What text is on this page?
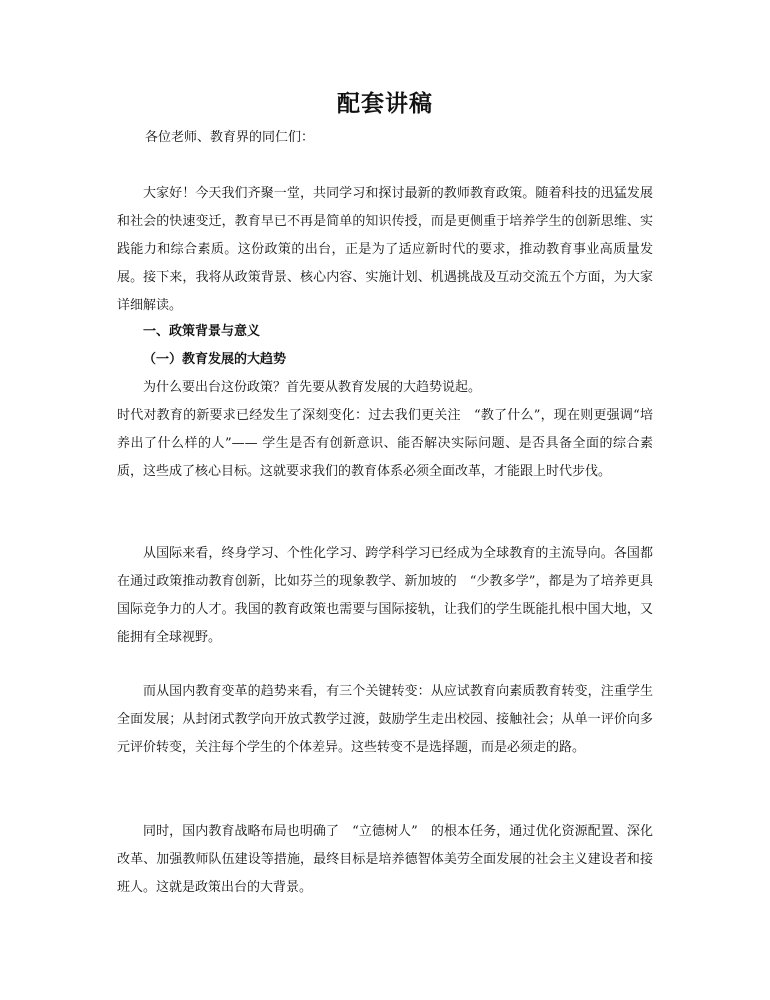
配套讲稿

各位老师、教育界的同仁们：

大家好！今天我们齐聚一堂，共同学习和探讨最新的教师教育政策。随着科技的迅猛发展和社会的快速变迁，教育早已不再是简单的知识传授，而是更侧重于培养学生的创新思维、实践能力和综合素质。这份政策的出台，正是为了适应新时代的要求，推动教育事业高质量发展。接下来，我将从政策背景、核心内容、实施计划、机遇挑战及互动交流五个方面，为大家详细解读。

一、政策背景与意义

（一）教育发展的大趋势

为什么要出台这份政策？首先要从教育发展的大趋势说起。

时代对教育的新要求已经发生了深刻变化：过去我们更关注　“教了什么”，现在则更强调“培养出了什么样的人”—— 学生是否有创新意识、能否解决实际问题、是否具备全面的综合素质，这些成了核心目标。这就要求我们的教育体系必须全面改革，才能跟上时代步伐。

从国际来看，终身学习、个性化学习、跨学科学习已经成为全球教育的主流导向。各国都在通过政策推动教育创新，比如芬兰的现象教学、新加坡的　“少教多学”，都是为了培养更具国际竞争力的人才。我国的教育政策也需要与国际接轨，让我们的学生既能扎根中国大地，又能拥有全球视野。

而从国内教育变革的趋势来看，有三个关键转变：从应试教育向素质教育转变，注重学生全面发展；从封闭式教学向开放式教学过渡，鼓励学生走出校园、接触社会；从单一评价向多元评价转变，关注每个学生的个体差异。这些转变不是选择题，而是必须走的路。

同时，国内教育战略布局也明确了　“立德树人”　的根本任务，通过优化资源配置、深化改革、加强教师队伍建设等措施，最终目标是培养德智体美劳全面发展的社会主义建设者和接班人。这就是政策出台的大背景。
